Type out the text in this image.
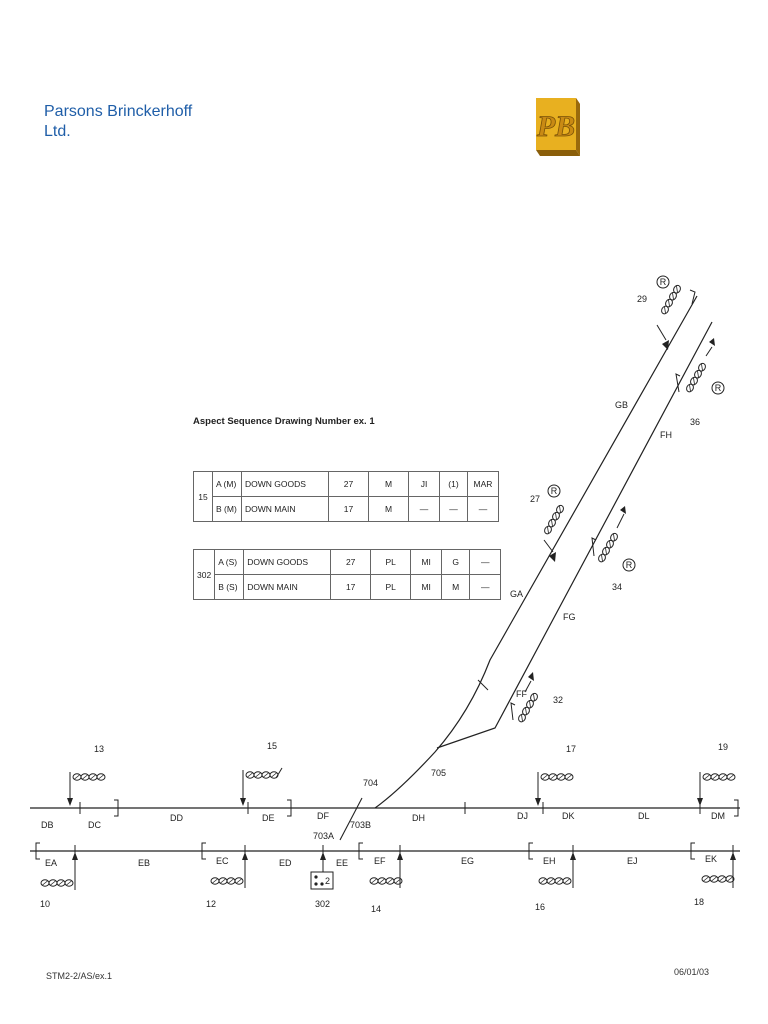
Parsons Brinckerhoff
Ltd.	PB
Aspect Sequence Drawing Number ex. 1
15	A (M)	DOWN GOODS	27	M	JI	(1)	MAR
	B (M)	DOWN MAIN	17	M	—	—	—
302	A (S)	DOWN GOODS	27	PL	MI	G	—
	B (S)	DOWN MAIN	17	PL	MI	M	—
2
R
R
R
R
13	15	17	19
10	12	302	14	16	18
27
29
32
34
36
DB	DC
DD	DE	DF	DH	DJ	DK	DL	DM
EA	EB	EC	ED	EE	EF	EG	EH	EJ	EK
GA
GB
FF
FG
FH
704
705
703A
703B
STM2-2/AS/ex.1	06/01/03
